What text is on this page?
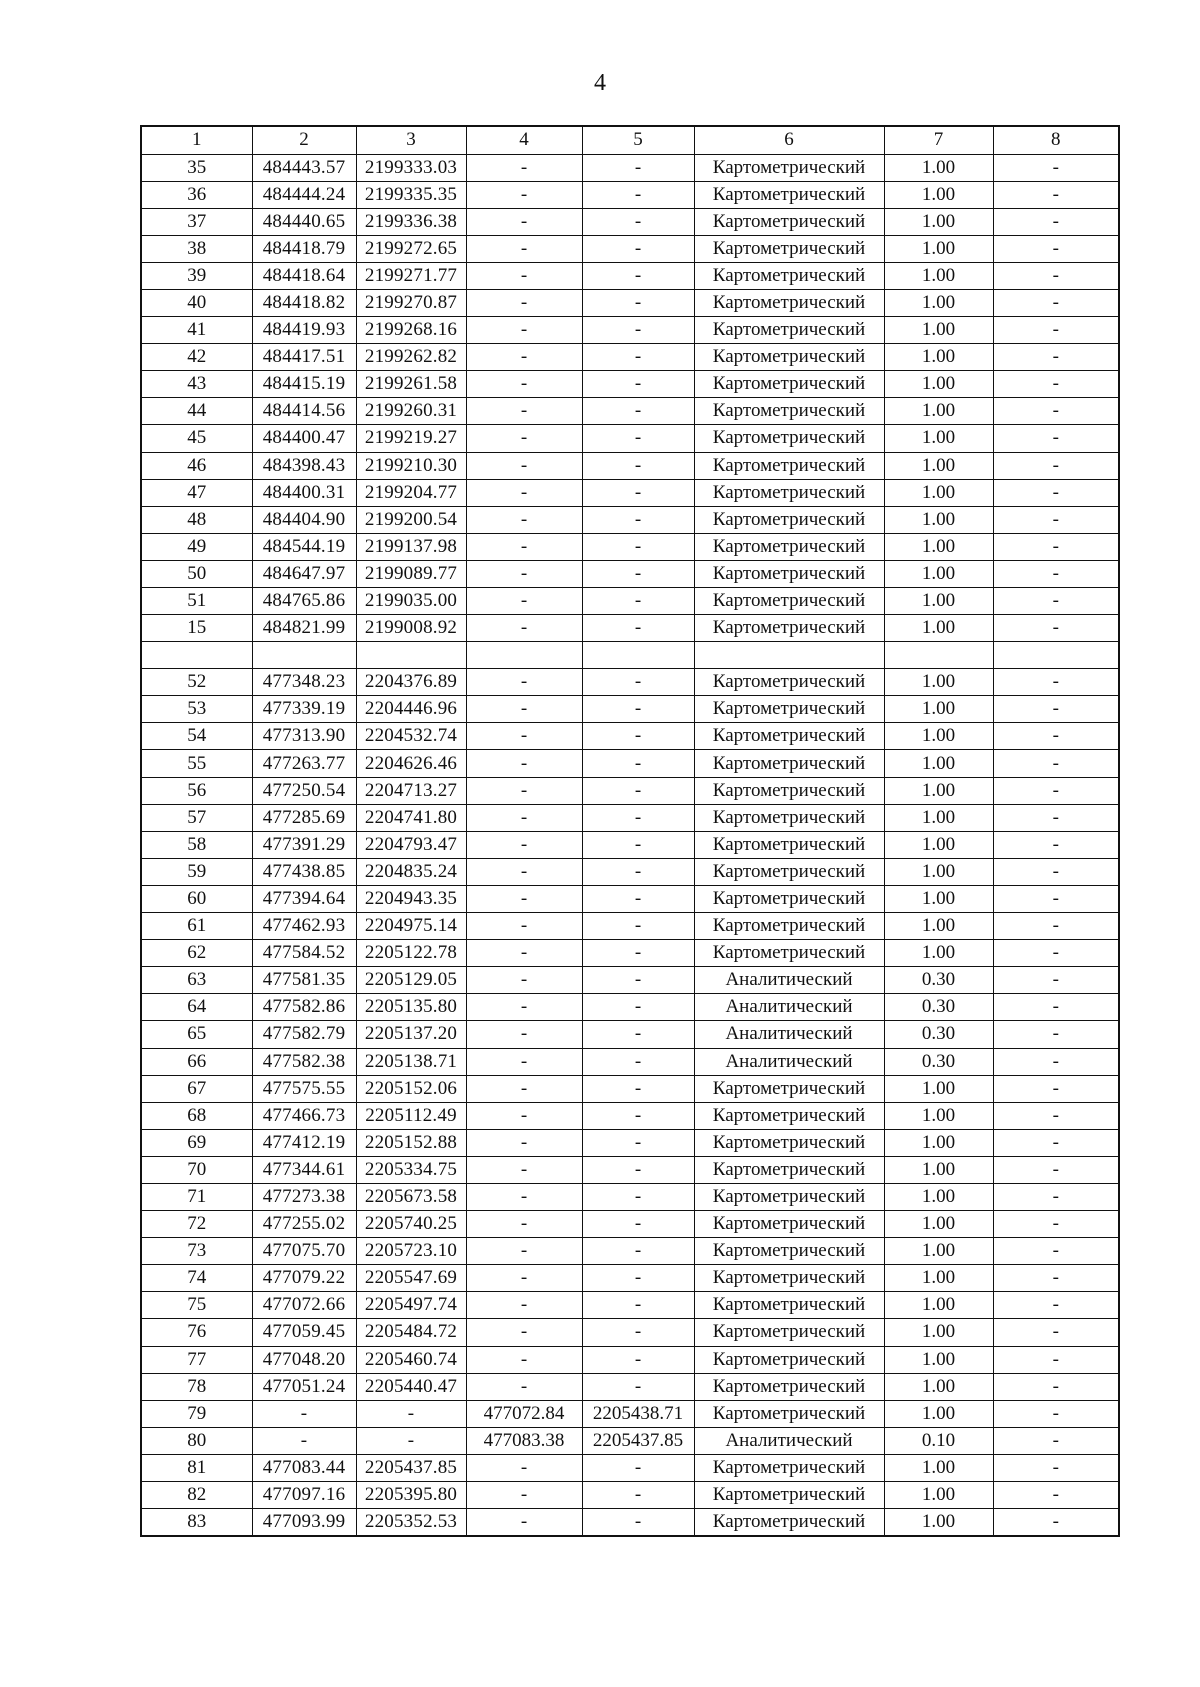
4
1	2	3	4	5	6	7	8
35	484443.57	2199333.03	-	-	Картометрический	1.00	-
36	484444.24	2199335.35	-	-	Картометрический	1.00	-
37	484440.65	2199336.38	-	-	Картометрический	1.00	-
38	484418.79	2199272.65	-	-	Картометрический	1.00	-
39	484418.64	2199271.77	-	-	Картометрический	1.00	-
40	484418.82	2199270.87	-	-	Картометрический	1.00	-
41	484419.93	2199268.16	-	-	Картометрический	1.00	-
42	484417.51	2199262.82	-	-	Картометрический	1.00	-
43	484415.19	2199261.58	-	-	Картометрический	1.00	-
44	484414.56	2199260.31	-	-	Картометрический	1.00	-
45	484400.47	2199219.27	-	-	Картометрический	1.00	-
46	484398.43	2199210.30	-	-	Картометрический	1.00	-
47	484400.31	2199204.77	-	-	Картометрический	1.00	-
48	484404.90	2199200.54	-	-	Картометрический	1.00	-
49	484544.19	2199137.98	-	-	Картометрический	1.00	-
50	484647.97	2199089.77	-	-	Картометрический	1.00	-
51	484765.86	2199035.00	-	-	Картометрический	1.00	-
15	484821.99	2199008.92	-	-	Картометрический	1.00	-

52	477348.23	2204376.89	-	-	Картометрический	1.00	-
53	477339.19	2204446.96	-	-	Картометрический	1.00	-
54	477313.90	2204532.74	-	-	Картометрический	1.00	-
55	477263.77	2204626.46	-	-	Картометрический	1.00	-
56	477250.54	2204713.27	-	-	Картометрический	1.00	-
57	477285.69	2204741.80	-	-	Картометрический	1.00	-
58	477391.29	2204793.47	-	-	Картометрический	1.00	-
59	477438.85	2204835.24	-	-	Картометрический	1.00	-
60	477394.64	2204943.35	-	-	Картометрический	1.00	-
61	477462.93	2204975.14	-	-	Картометрический	1.00	-
62	477584.52	2205122.78	-	-	Картометрический	1.00	-
63	477581.35	2205129.05	-	-	Аналитический	0.30	-
64	477582.86	2205135.80	-	-	Аналитический	0.30	-
65	477582.79	2205137.20	-	-	Аналитический	0.30	-
66	477582.38	2205138.71	-	-	Аналитический	0.30	-
67	477575.55	2205152.06	-	-	Картометрический	1.00	-
68	477466.73	2205112.49	-	-	Картометрический	1.00	-
69	477412.19	2205152.88	-	-	Картометрический	1.00	-
70	477344.61	2205334.75	-	-	Картометрический	1.00	-
71	477273.38	2205673.58	-	-	Картометрический	1.00	-
72	477255.02	2205740.25	-	-	Картометрический	1.00	-
73	477075.70	2205723.10	-	-	Картометрический	1.00	-
74	477079.22	2205547.69	-	-	Картометрический	1.00	-
75	477072.66	2205497.74	-	-	Картометрический	1.00	-
76	477059.45	2205484.72	-	-	Картометрический	1.00	-
77	477048.20	2205460.74	-	-	Картометрический	1.00	-
78	477051.24	2205440.47	-	-	Картометрический	1.00	-
79	-	-	477072.84	2205438.71	Картометрический	1.00	-
80	-	-	477083.38	2205437.85	Аналитический	0.10	-
81	477083.44	2205437.85	-	-	Картометрический	1.00	-
82	477097.16	2205395.80	-	-	Картометрический	1.00	-
83	477093.99	2205352.53	-	-	Картометрический	1.00	-
